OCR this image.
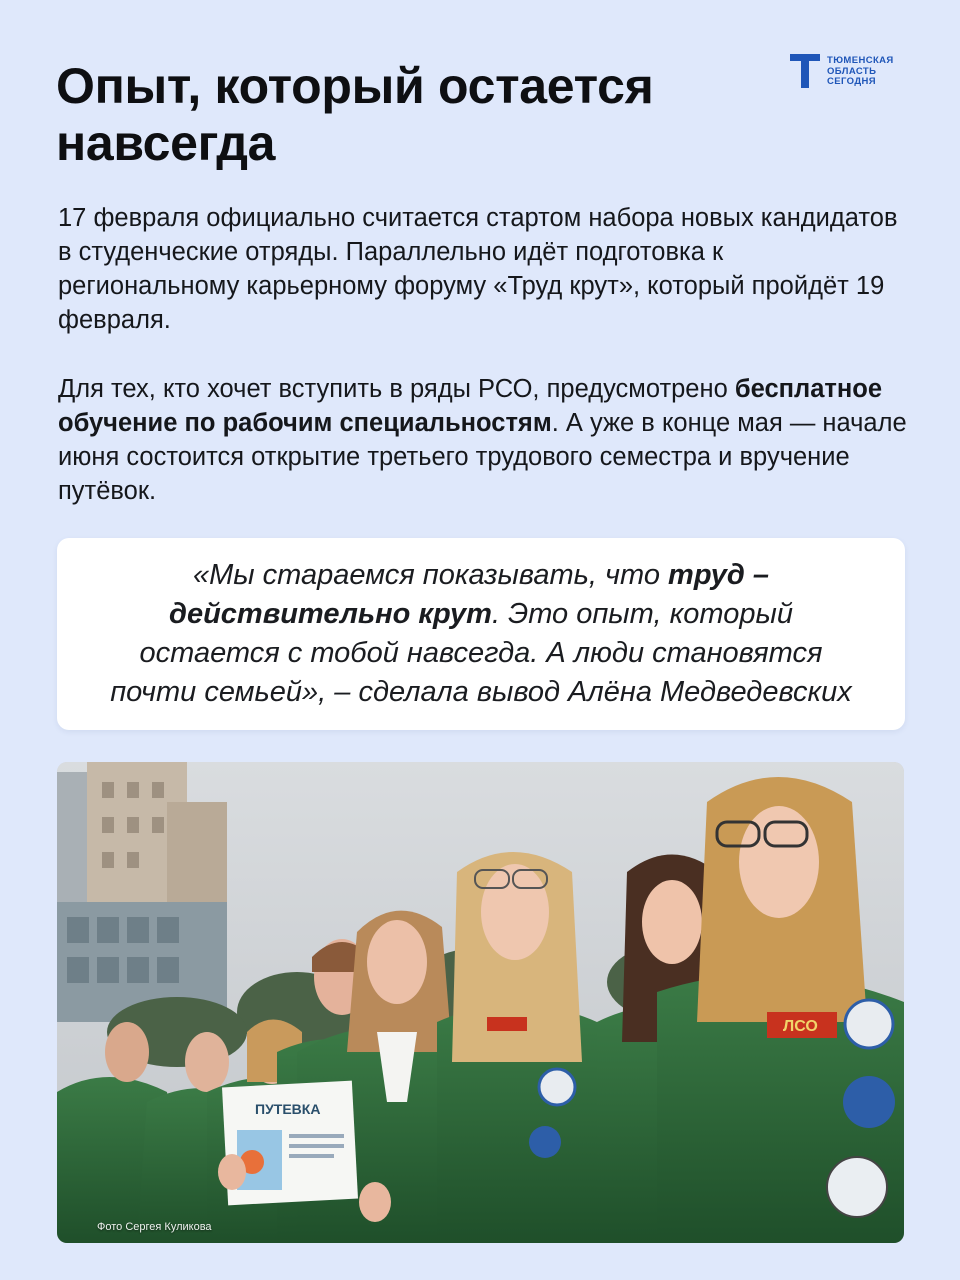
ТЮМЕНСКАЯ
ОБЛАСТЬ
СЕГОДНЯ
Опыт, который остается навсегда

17 февраля официально считается стартом набора новых кандидатов в студенческие отряды. Параллельно идёт подготовка к региональному карьерному форуму «Труд крут», который пройдёт 19 февраля.

Для тех, кто хочет вступить в ряды РСО, предусмотрено бесплатное обучение по рабочим специальностям. А уже в конце мая — начале июня состоится открытие третьего трудового семестра и вручение путёвок.

«Мы стараемся показывать, что труд – действительно крут. Это опыт, который остается с тобой навсегда. А люди становятся почти семьей», – сделала вывод Алёна Медведевских

ПУТЕВКА
ЛСО
Фото Сергея Куликова
